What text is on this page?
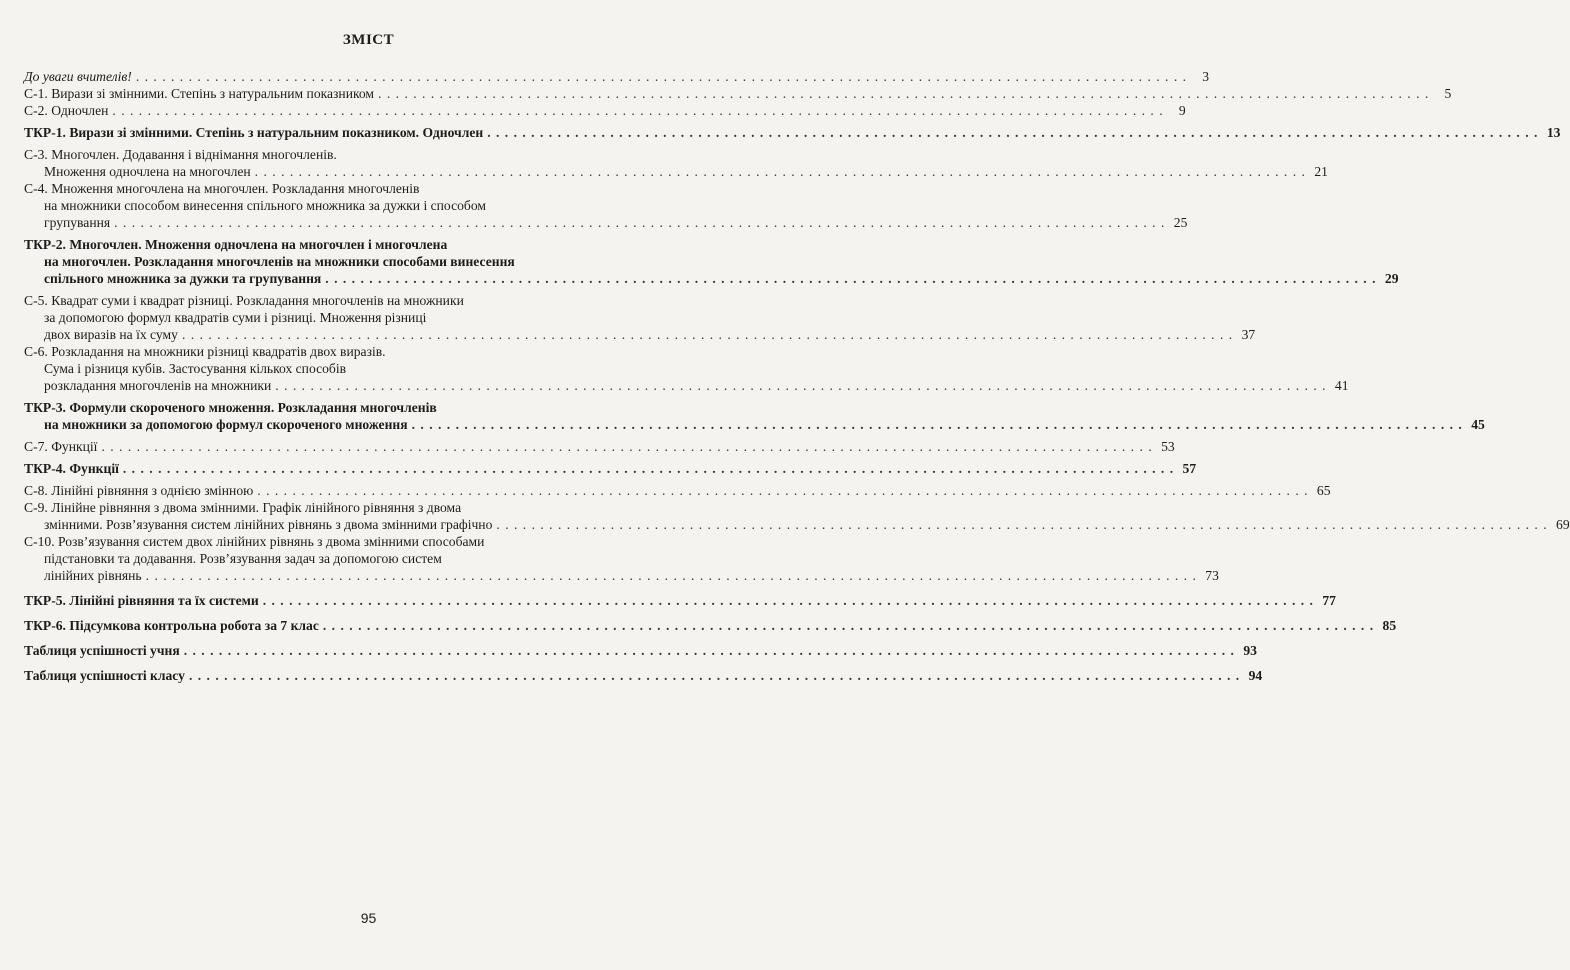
ЗМІСТ
До уваги вчителів! . . . . . . . . . . . . . . . . . . . . . . . . . . . . . . . . . . . . . . . . . . . . . . . . . . . . . . . . . . . . . . . . . . . . . . . . . . . . . . . . . . . . . . . . . . . . . . . . . . . . . . . . . . . . . . . . . . . . . . . .	3
С-1. Вирази зі змінними. Степінь з натуральним показником . . . . . . . . . . . . . . . . . . . . . . . . . . . . . . . . . . . . . . . . . . . . . . . . . . . . . . . . . . . . . . . . . . . . . . . . . . . . . . . . . . . . . . . . . . . . . . . . . . . . . . . . . . . . . . . . . . . . . . . .	5
С-2. Одночлен . . . . . . . . . . . . . . . . . . . . . . . . . . . . . . . . . . . . . . . . . . . . . . . . . . . . . . . . . . . . . . . . . . . . . . . . . . . . . . . . . . . . . . . . . . . . . . . . . . . . . . . . . . . . . . . . . . . . . . . .	9
ТКР-1. Вирази зі змінними. Степінь з натуральним показником. Одночлен . . . . . . . . . . . . . . . . . . . . . . . . . . . . . . . . . . . . . . . . . . . . . . . . . . . . . . . . . . . . . . . . . . . . . . . . . . . . . . . . . . . . . . . . . . . . . . . . . . . . . . . . . . . . . . . . . . . . . . . . 13
С-3. Многочлен. Додавання і віднімання многочленів.
Множення одночлена на многочлен . . . . . . . . . . . . . . . . . . . . . . . . . . . . . . . . . . . . . . . . . . . . . . . . . . . . . . . . . . . . . . . . . . . . . . . . . . . . . . . . . . . . . . . . . . . . . . . . . . . . . . . . . . . . . . . . . . . . . . . . 21
С-4. Множення многочлена на многочлен. Розкладання многочленів
на множники способом винесення спільного множника за дужки і способом
групування . . . . . . . . . . . . . . . . . . . . . . . . . . . . . . . . . . . . . . . . . . . . . . . . . . . . . . . . . . . . . . . . . . . . . . . . . . . . . . . . . . . . . . . . . . . . . . . . . . . . . . . . . . . . . . . . . . . . . . . . 25
ТКР-2. Многочлен. Множення одночлена на многочлен і многочлена
на многочлен. Розкладання многочленів на множники способами винесення
спільного множника за дужки та групування . . . . . . . . . . . . . . . . . . . . . . . . . . . . . . . . . . . . . . . . . . . . . . . . . . . . . . . . . . . . . . . . . . . . . . . . . . . . . . . . . . . . . . . . . . . . . . . . . . . . . . . . . . . . . . . . . . . . . . . . 29
С-5. Квадрат суми і квадрат різниці. Розкладання многочленів на множники
за допомогою формул квадратів суми і різниці. Множення різниці
двох виразів на їх суму . . . . . . . . . . . . . . . . . . . . . . . . . . . . . . . . . . . . . . . . . . . . . . . . . . . . . . . . . . . . . . . . . . . . . . . . . . . . . . . . . . . . . . . . . . . . . . . . . . . . . . . . . . . . . . . . . . . . . . . . 37
С-6. Розкладання на множники різниці квадратів двох виразів.
Сума і різниця кубів. Застосування кількох способів
розкладання многочленів на множники . . . . . . . . . . . . . . . . . . . . . . . . . . . . . . . . . . . . . . . . . . . . . . . . . . . . . . . . . . . . . . . . . . . . . . . . . . . . . . . . . . . . . . . . . . . . . . . . . . . . . . . . . . . . . . . . . . . . . . . . 41
ТКР-3. Формули скороченого множення. Розкладання многочленів
на множники за допомогою формул скороченого множення . . . . . . . . . . . . . . . . . . . . . . . . . . . . . . . . . . . . . . . . . . . . . . . . . . . . . . . . . . . . . . . . . . . . . . . . . . . . . . . . . . . . . . . . . . . . . . . . . . . . . . . . . . . . . . . . . . . . . . . . 45
С-7. Функції . . . . . . . . . . . . . . . . . . . . . . . . . . . . . . . . . . . . . . . . . . . . . . . . . . . . . . . . . . . . . . . . . . . . . . . . . . . . . . . . . . . . . . . . . . . . . . . . . . . . . . . . . . . . . . . . . . . . . . . . 53
ТКР-4. Функції . . . . . . . . . . . . . . . . . . . . . . . . . . . . . . . . . . . . . . . . . . . . . . . . . . . . . . . . . . . . . . . . . . . . . . . . . . . . . . . . . . . . . . . . . . . . . . . . . . . . . . . . . . . . . . . . . . . . . . . . 57
С-8. Лінійні рівняння з однією змінною . . . . . . . . . . . . . . . . . . . . . . . . . . . . . . . . . . . . . . . . . . . . . . . . . . . . . . . . . . . . . . . . . . . . . . . . . . . . . . . . . . . . . . . . . . . . . . . . . . . . . . . . . . . . . . . . . . . . . . . . 65
С-9. Лінійне рівняння з двома змінними. Графік лінійного рівняння з двома
змінними. Розв’язування систем лінійних рівнянь з двома змінними графічно . . . . . . . . . . . . . . . . . . . . . . . . . . . . . . . . . . . . . . . . . . . . . . . . . . . . . . . . . . . . . . . . . . . . . . . . . . . . . . . . . . . . . . . . . . . . . . . . . . . . . . . . . . . . . . . . . . . . . . . . 69
С-10. Розв’язування систем двох лінійних рівнянь з двома змінними способами
підстановки та додавання. Розв’язування задач за допомогою систем
лінійних рівнянь . . . . . . . . . . . . . . . . . . . . . . . . . . . . . . . . . . . . . . . . . . . . . . . . . . . . . . . . . . . . . . . . . . . . . . . . . . . . . . . . . . . . . . . . . . . . . . . . . . . . . . . . . . . . . . . . . . . . . . . . 73
ТКР-5. Лінійні рівняння та їх системи . . . . . . . . . . . . . . . . . . . . . . . . . . . . . . . . . . . . . . . . . . . . . . . . . . . . . . . . . . . . . . . . . . . . . . . . . . . . . . . . . . . . . . . . . . . . . . . . . . . . . . . . . . . . . . . . . . . . . . . . 77
ТКР-6. Підсумкова контрольна робота за 7 клас . . . . . . . . . . . . . . . . . . . . . . . . . . . . . . . . . . . . . . . . . . . . . . . . . . . . . . . . . . . . . . . . . . . . . . . . . . . . . . . . . . . . . . . . . . . . . . . . . . . . . . . . . . . . . . . . . . . . . . . . 85
Таблиця успішності учня . . . . . . . . . . . . . . . . . . . . . . . . . . . . . . . . . . . . . . . . . . . . . . . . . . . . . . . . . . . . . . . . . . . . . . . . . . . . . . . . . . . . . . . . . . . . . . . . . . . . . . . . . . . . . . . . . . . . . . . . 93
Таблиця успішності класу . . . . . . . . . . . . . . . . . . . . . . . . . . . . . . . . . . . . . . . . . . . . . . . . . . . . . . . . . . . . . . . . . . . . . . . . . . . . . . . . . . . . . . . . . . . . . . . . . . . . . . . . . . . . . . . . . . . . . . . . 94
95
